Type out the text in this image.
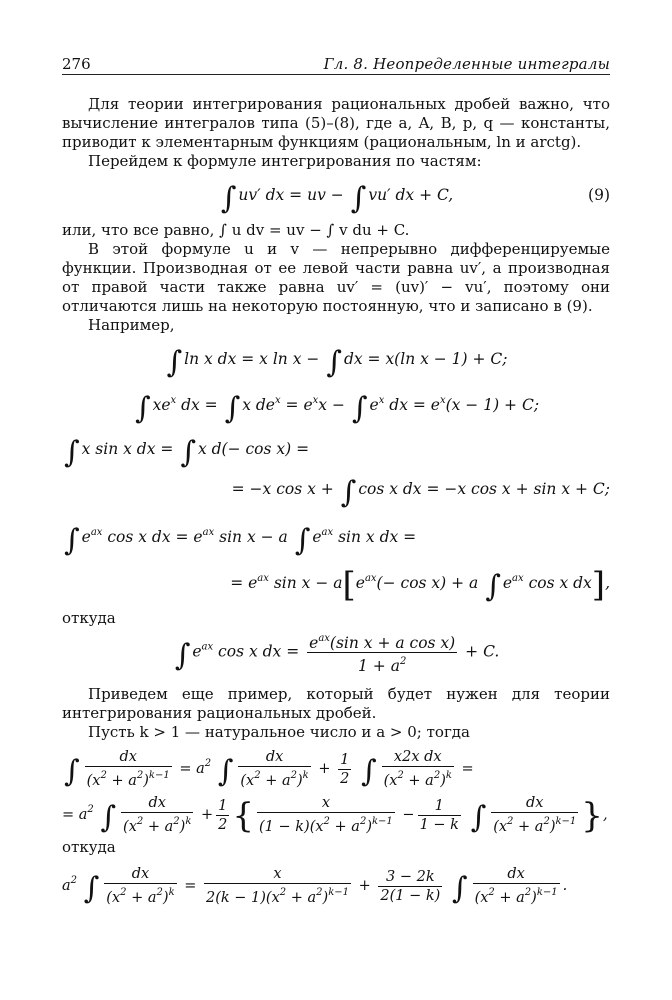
276	Гл. 8. Неопределенные интегралы

Для теории интегрирования рациональных дробей важно, что вычисление интегралов типа (5)–(8), где a, A, B, p, q — константы, приводит к элементарным функциям (рациональным, ln и arctg).

Перейдем к формуле интегрирования по частям:

∫ uv′ dx = uv − ∫ vu′ dx + C,	(9)

или, что все равно, ∫ u dv = uv − ∫ v du + C.

В этой формуле u и v — непрерывно дифференцируемые функции. Производная от ее левой части равна uv′, а производная от правой части также равна uv′ = (uv)′ − vu′, поэтому они отличаются лишь на некоторую постоянную, что и записано в (9).

Например,

∫ ln x dx = x ln x − ∫ dx = x(ln x − 1) + C;
∫ $xe^x$ dx = ∫ x $de^x = e^xx$ − ∫ $e^x$ dx = $e^x(x - 1) + C$;
∫ x sin x dx = ∫ x d(− cos x) =
= −x cos x + ∫ cos x dx = −x cos x + sin x + C;
∫ $e^{ax}$ cos x dx = $e^{ax}$ sin x − a ∫ $e^{ax}$ sin x dx =
= $e^{ax}$ $\sin x - a[e^{ax}(- \cos x) + a$ ∫ $e^{ax}$ cos x dx],

откуда

∫ $e^{ax}$ cos x dx = $\frac{e^{ax}(\sin x + a \cos x)}{1 + a^2} + C$.

Приведем еще пример, который будет нужен для теории интегрирования рациональных дробей.

Пусть k > 1 — натуральное число и a > 0; тогда

∫ $\frac{dx}{(x^2 + a^2)^{k-1}} = a^2$ ∫ $\frac{dx}{(x^2 + a^2)^k} + \frac{1}{2}$ ∫ $\frac{\text{x2x dx}}{(x^2 + a^2)^k}$ =
= $a^2$ ∫ $\frac{dx}{(x^2 + a^2)^k} + \frac{1}{2}$ { $\frac{x}{(1 - k)(x^2 + a^2)^{k-1}} - \frac{1}{1 - k}$ ∫ $\frac{dx}{(x^2 + a^2)^{k-1}}$ },

откуда

$a^2$ ∫ $\frac{dx}{(x^2 + a^2)^k} = \frac{x}{2(k - 1)(x^2 + a^2)^{k-1}} + \frac{3 - 2k}{2(1 - k)}$ ∫ $\frac{dx}{(x^2 + a^2)^{k-1}}$ .
